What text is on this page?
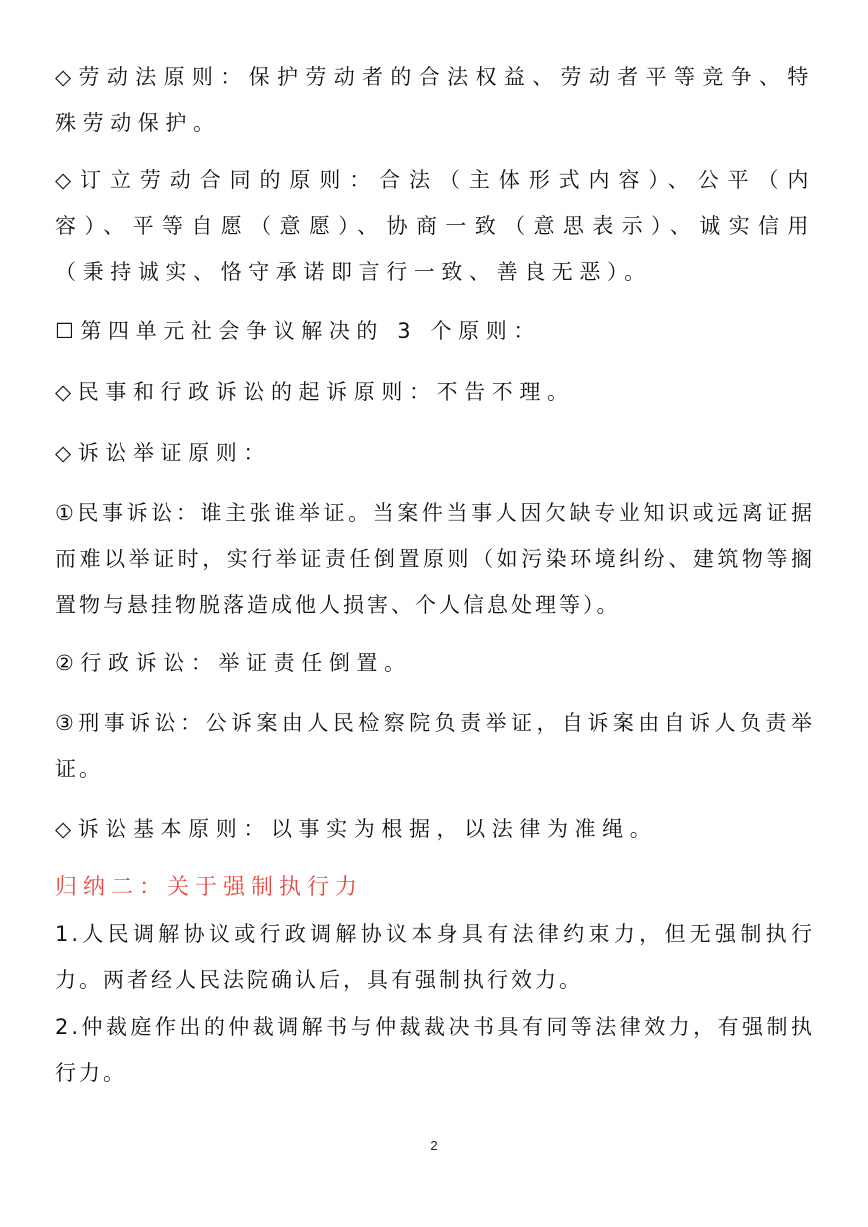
◇劳动法原则：保护劳动者的合法权益、劳动者平等竞争、特殊劳动保护。

◇订立劳动合同的原则：合法（主体形式内容）、公平（内容）、平等自愿（意愿）、协商一致（意思表示）、诚实信用（秉持诚实、恪守承诺即言行一致、善良无恶）。

☐第四单元社会争议解决的 3 个原则：

◇民事和行政诉讼的起诉原则：不告不理。

◇诉讼举证原则：

①民事诉讼：谁主张谁举证。当案件当事人因欠缺专业知识或远离证据而难以举证时，实行举证责任倒置原则（如污染环境纠纷、建筑物等搁置物与悬挂物脱落造成他人损害、个人信息处理等）。

②行政诉讼：举证责任倒置。

③刑事诉讼：公诉案由人民检察院负责举证，自诉案由自诉人负责举证。

◇诉讼基本原则：以事实为根据，以法律为准绳。

归纳二：关于强制执行力

1.人民调解协议或行政调解协议本身具有法律约束力，但无强制执行力。两者经人民法院确认后，具有强制执行效力。

2.仲裁庭作出的仲裁调解书与仲裁裁决书具有同等法律效力，有强制执行力。

2
